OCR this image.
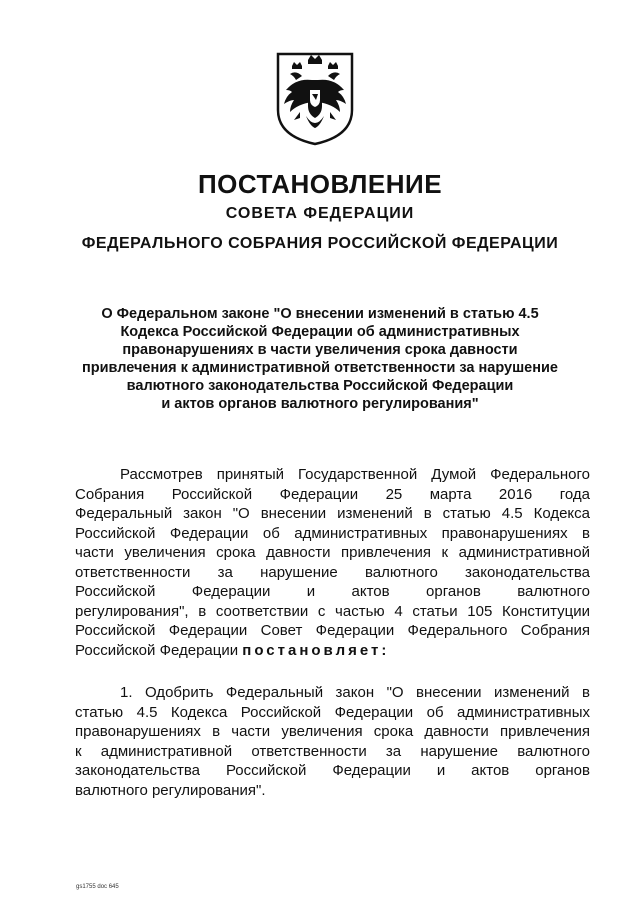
ПОСТАНОВЛЕНИЕ
СОВЕТА ФЕДЕРАЦИИ
ФЕДЕРАЛЬНОГО СОБРАНИЯ РОССИЙСКОЙ ФЕДЕРАЦИИ
О Федеральном законе "О внесении изменений в статью 4.5
Кодекса Российской Федерации об административных
правонарушениях в части увеличения срока давности
привлечения к административной ответственности за нарушение
валютного законодательства Российской Федерации
и актов органов валютного регулирования"
Рассмотрев принятый Государственной Думой Федерального
Собрания Российской Федерации 25 марта 2016 года
Федеральный закон "О внесении изменений в статью 4.5 Кодекса
Российской Федерации об административных правонарушениях в
части увеличения срока давности привлечения к административной
ответственности за нарушение валютного законодательства
Российской Федерации и актов органов валютного
регулирования", в соответствии с частью 4 статьи 105 Конституции
Российской Федерации Совет Федерации Федерального Собрания
Российской Федерации постановляет:
1. Одобрить Федеральный закон "О внесении изменений в
статью 4.5 Кодекса Российской Федерации об административных
правонарушениях в части увеличения срока давности привлечения
к административной ответственности за нарушение валютного
законодательства Российской Федерации и актов органов
валютного регулирования".
gs1755 doc 645
